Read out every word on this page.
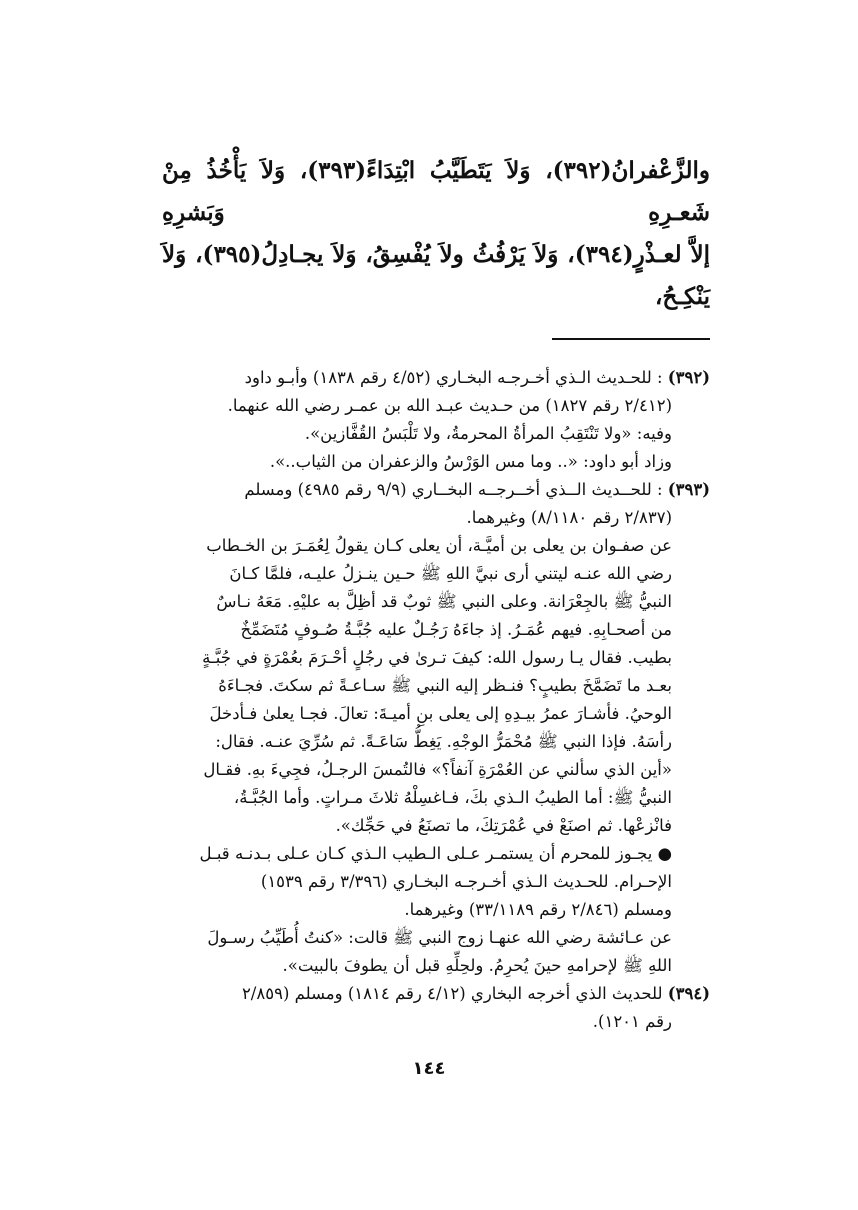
والزَّعْفرانُ(٣٩٢)، وَلاَ يَتَطَيَّبُ ابْتِدَاءً(٣٩٣)، وَلاَ يَأْخُذُ مِنْ شَعـرِهِ وَبَشرِهِ

إلاَّ لعـذْرٍ(٣٩٤)، وَلاَ يَرْفُثُ ولاَ يُفْسِقُ، وَلاَ يجـادِلُ(٣٩٥)، وَلاَ يَنْكِـحُ،

(٣٩٢) : للحـديث الـذي أخـرجـه البخـاري (٤/٥٢ رقم ١٨٣٨) وأبـو داود

(٢/٤١٢ رقم ١٨٢٧) من حـديث عبـد الله بن عمـر رضي الله عنهما.

وفيه: «ولا تَنْتَقِبُ المرأةُ المحرمةُ، ولا تَلْبَسُ القُفَّازين».

وزاد أبو داود: «.. وما مس الوَرْسُ والزعفران من الثياب..».

(٣٩٣) : للحــديث الــذي أخــرجــه البخــاري (٩/٩ رقم ٤٩٨٥) ومسلم

(٢/٨٣٧ رقم ٨/١١٨٠) وغيرهما.

عن صفـوان بن يعلى بن أميَّـة، أن يعلى كـان يقولُ لِعُمَـرَ بن الخـطاب

رضي الله عنـه ليتني أرى نبيَّ اللهِ ﷺ حـين ينـزلُ عليـه، فلمَّا كـانَ

النبيُّ ﷺ بالجِعْرَانة. وعلى النبي ﷺ ثوبٌ قد أظِلَّ به عليْهِ. مَعَهُ نـاسٌ

من أصحـابِهِ. فيهم عُمَـرُ. إذ جاءَهُ رَجُـلٌ عليه جُبَّـةُ صُـوفٍ مُتَضَمِّخٌ

بطيب. فقال يـا رسول الله: كيفَ تـرىٰ في رجُلٍ أحْـرَمَ بعُمْرَةٍ في جُبَّـةٍ

بعـد ما تَضَمَّخَ بطيبٍ؟ فنـظر إليه النبي ﷺ سـاعـةً ثم سكتَ. فجـاءَهُ

الوحيُ. فأشـارَ عمرُ بيـدِهِ إلى يعلى بنِ أميـةَ: تعالَ. فجـا يعلىٰ فـأدخلَ

رأسَهُ. فإذا النبي ﷺ مُحْمَرُّ الوجْهِ. يَغِطُّ سَاعَـةً. ثم سُرِّيَ عنـه. فقال:

«أين الذي سألني عن العُمْرَةِ آنفاً؟» فالتُمسَ الرجـلُ، فجِيءَ بهِ. فقـال

النبيُّ ﷺ: أما الطيبُ الـذي بكَ، فـاغسِلْهُ ثلاثَ مـراتٍ. وأما الجُبَّـةُ،

فانْزعْها. ثم اصنَعْ في عُمْرَتِكَ، ما تصنَعُ في حَجِّك».

● يجـوز للمحرم أن يستمـر عـلى الـطيب الـذي كـان عـلى بـدنـه قبـل

الإحـرام. للحـديث الـذي أخـرجـه البخـاري (٣/٣٩٦ رقم ١٥٣٩)

ومسلم (٢/٨٤٦ رقم ٣٣/١١٨٩) وغيرهما.

عن عـائشة رضي الله عنهـا زوج النبي ﷺ قالت: «كنتُ أُطَيِّبُ رسـولَ

اللهِ ﷺ لإحرامهِ حينَ يُحرِمُ. ولحِلِّهِ قبل أن يطوفَ بالبيت».

(٣٩٤) للحديث الذي أخرجه البخاري (٤/١٢ رقم ١٨١٤) ومسلم (٢/٨٥٩

رقم ١٢٠١).

١٤٤
